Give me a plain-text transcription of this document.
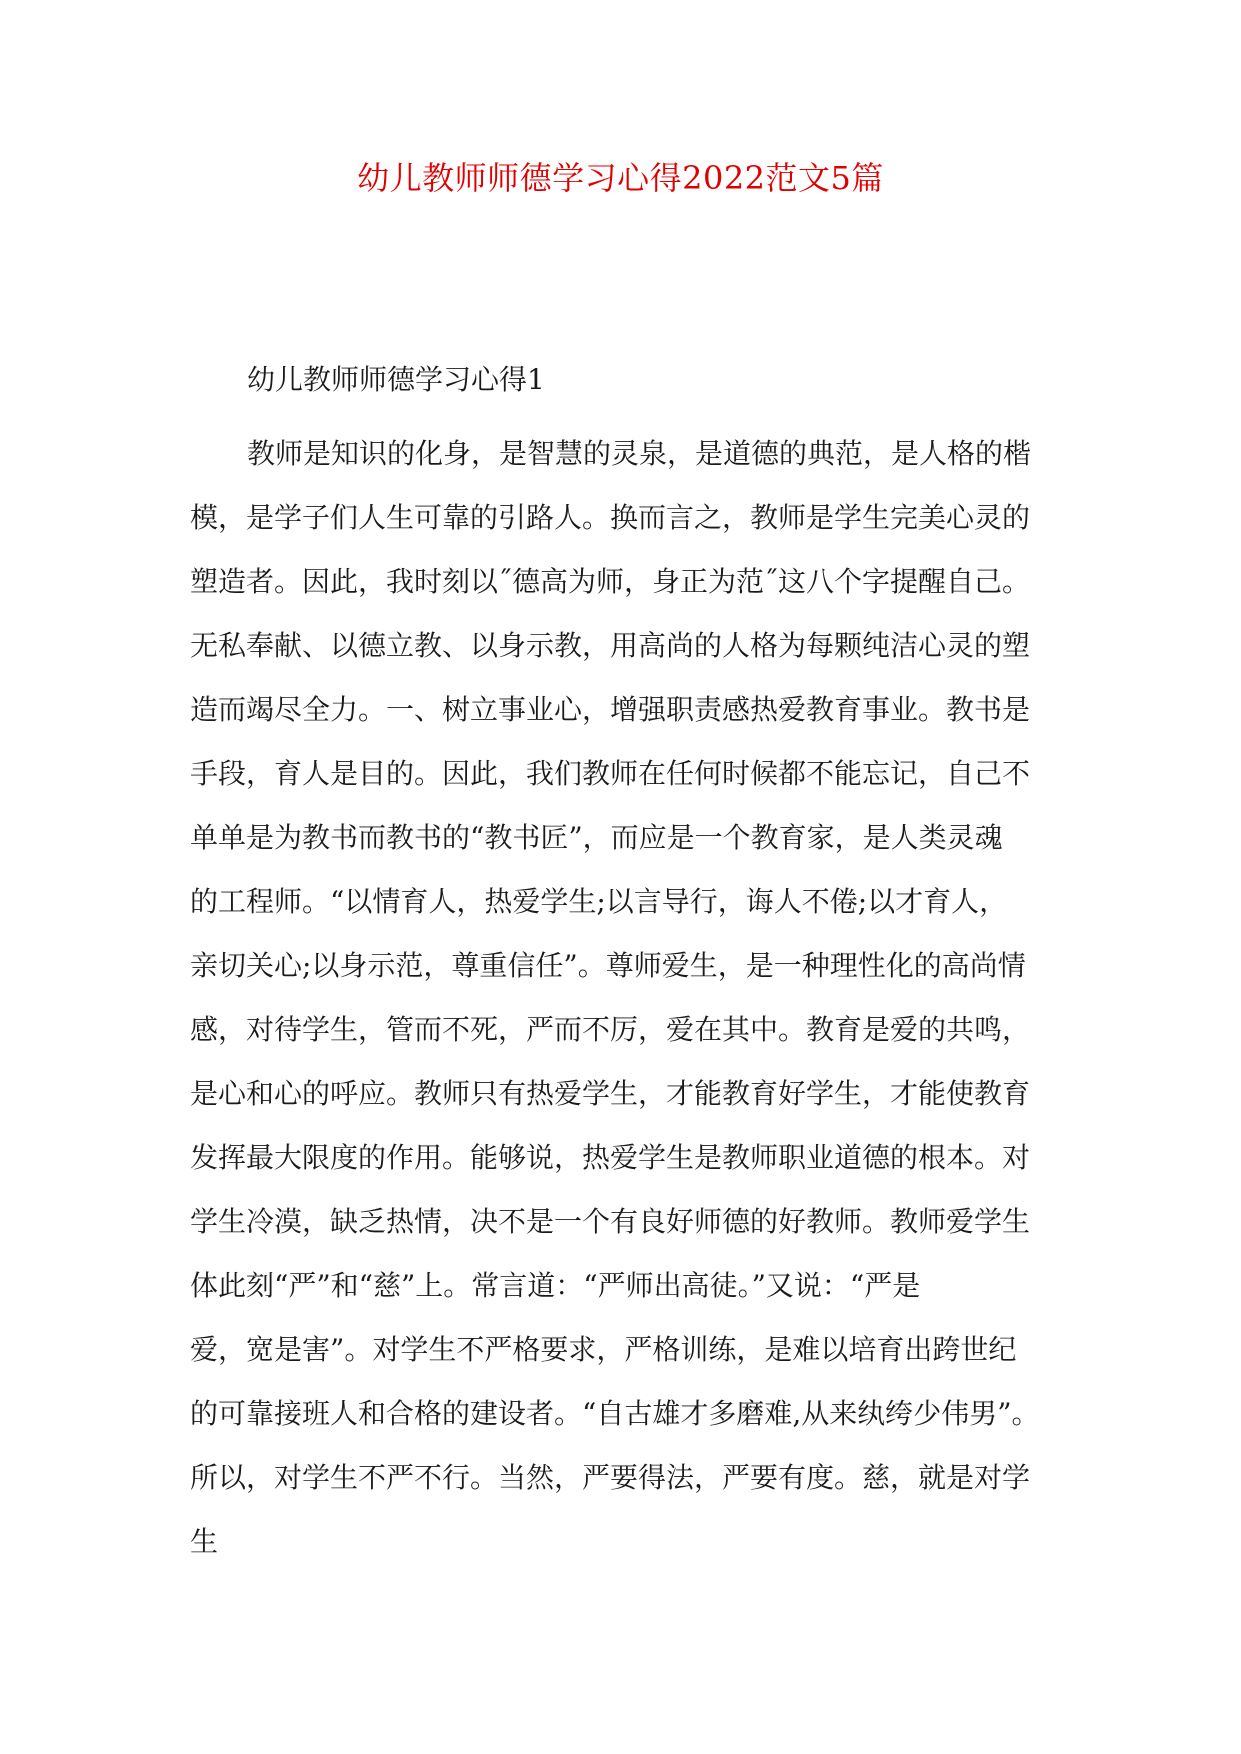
幼儿教师师德学习心得2022范文5篇
幼儿教师师德学习心得1
教师是知识的化身，是智慧的灵泉，是道德的典范，是人格的楷
模，是学子们人生可靠的引路人。换而言之，教师是学生完美心灵的
塑造者。因此，我时刻以˝德高为师，身正为范˝这八个字提醒自己。
无私奉献、以德立教、以身示教，用高尚的人格为每颗纯洁心灵的塑
造而竭尽全力。一、树立事业心，增强职责感热爱教育事业。教书是
手段，育人是目的。因此，我们教师在任何时候都不能忘记，自己不
单单是为教书而教书的“教书匠”，而应是一个教育家，是人类灵魂
的工程师。“以情育人，热爱学生;以言导行，诲人不倦;以才育人，
亲切关心;以身示范，尊重信任”。尊师爱生，是一种理性化的高尚情
感，对待学生，管而不死，严而不厉，爱在其中。教育是爱的共鸣，
是心和心的呼应。教师只有热爱学生，才能教育好学生，才能使教育
发挥最大限度的作用。能够说，热爱学生是教师职业道德的根本。对
学生冷漠，缺乏热情，决不是一个有良好师德的好教师。教师爱学生
体此刻“严”和“慈”上。常言道：“严师出高徒。”又说：“严是
爱，宽是害”。对学生不严格要求，严格训练，是难以培育出跨世纪
的可靠接班人和合格的建设者。“自古雄才多磨难,从来纨绔少伟男”。
所以，对学生不严不行。当然，严要得法，严要有度。慈，就是对学
生
